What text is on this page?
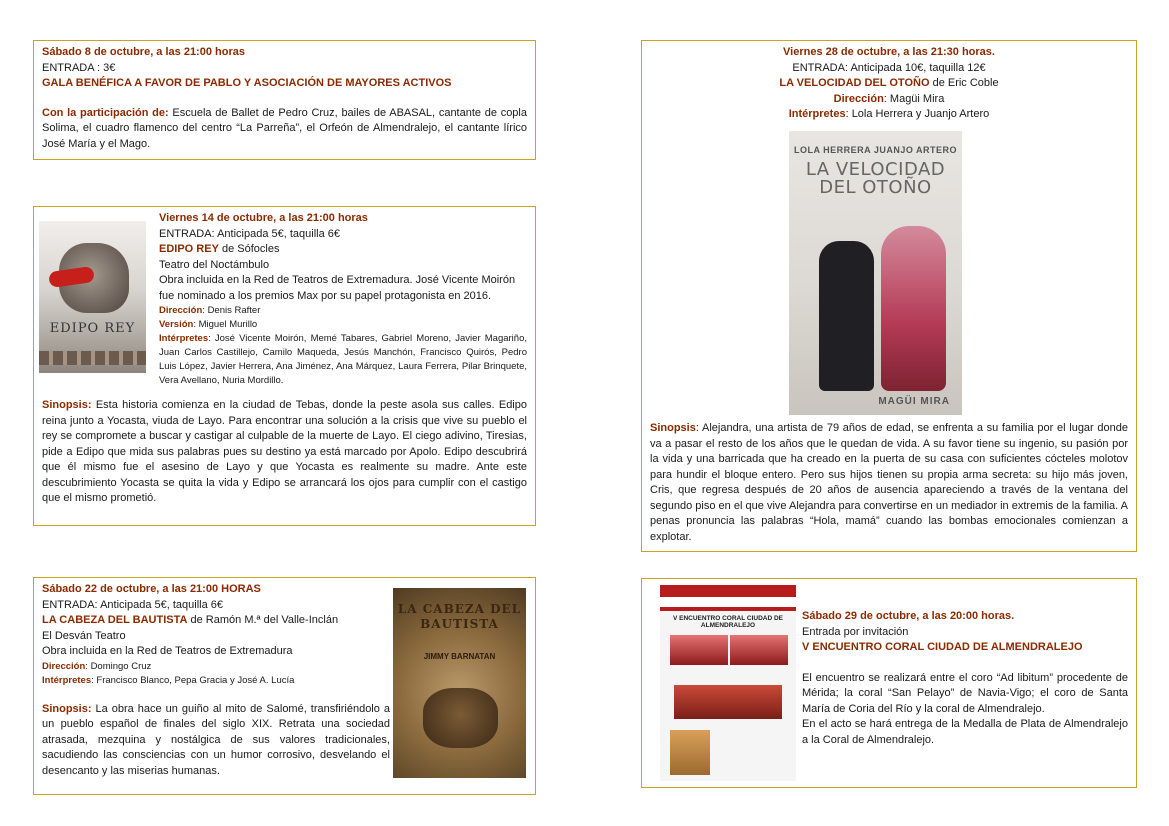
Sábado 8 de octubre, a las 21:00 horas
ENTRADA : 3€
GALA BENÉFICA A FAVOR DE PABLO Y ASOCIACIÓN DE MAYORES ACTIVOS
Con la participación de: Escuela de Ballet de Pedro Cruz, bailes de ABASAL, cantante de copla Solima, el cuadro flamenco del centro “La Parreña”, el Orfeón de Almendralejo, el cantante lírico José María y el Mago.
EDIPO REY
Viernes 14 de octubre, a las 21:00 horas
ENTRADA: Anticipada 5€, taquilla 6€
EDIPO REY de Sófocles
Teatro del Noctámbulo
Obra incluida en la Red de Teatros de Extremadura. José Vicente Moirón fue nominado a los premios Max por su papel protagonista en 2016.
Dirección: Denis Rafter
Versión: Miguel Murillo
Intérpretes: José Vicente Moirón, Memé Tabares, Gabriel Moreno, Javier Magariño, Juan Carlos Castillejo, Camilo Maqueda, Jesús Manchón, Francisco Quirós, Pedro Luis López, Javier Herrera, Ana Jiménez, Ana Márquez, Laura Ferrera, Pilar Brinquete, Vera Avellano, Nuria Mordillo.
Sinopsis: Esta historia comienza en la ciudad de Tebas, donde la peste asola sus calles. Edipo reina junto a Yocasta, viuda de Layo. Para encontrar una solución a la crisis que vive su pueblo el rey se compromete a buscar y castigar al culpable de la muerte de Layo. El ciego adivino, Tiresias, pide a Edipo que mida sus palabras pues su destino ya está marcado por Apolo. Edipo descubrirá que él mismo fue el asesino de Layo y que Yocasta es realmente su madre. Ante este descubrimiento Yocasta se quita la vida y Edipo se arrancará los ojos para cumplir con el castigo que el mismo prometió.
LA CABEZA DEL BAUTISTA
JIMMY BARNATAN
Sábado 22 de octubre, a las 21:00 HORAS
ENTRADA: Anticipada 5€, taquilla 6€
LA CABEZA DEL BAUTISTA de Ramón M.ª del Valle-Inclán
El Desván Teatro
Obra incluida en la Red de Teatros de Extremadura
Dirección: Domingo Cruz
Intérpretes: Francisco Blanco, Pepa Gracia y José A. Lucía
Sinopsis: La obra hace un guiño al mito de Salomé, transfiriéndolo a un pueblo español de finales del siglo XIX. Retrata una sociedad atrasada, mezquina y nostálgica de sus valores tradicionales, sacudiendo las consciencias con un humor corrosivo, desvelando el desencanto y las miserias humanas.
Viernes 28 de octubre, a las 21:30 horas.
ENTRADA: Anticipada 10€, taquilla 12€
LA VELOCIDAD DEL OTOÑO de Eric Coble
Dirección: Magüi Mira
Intérpretes: Lola Herrera y Juanjo Artero
LOLA HERRERA JUANJO ARTERO
LA VELOCIDAD DEL OTOÑO
MAGÜI MIRA
Sinopsis: Alejandra, una artista de 79 años de edad, se enfrenta a su familia por el lugar donde va a pasar el resto de los años que le quedan de vida. A su favor tiene su ingenio, su pasión por la vida y una barricada que ha creado en la puerta de su casa con suficientes cócteles molotov para hundir el bloque entero. Pero sus hijos tienen su propia arma secreta: su hijo más joven, Cris, que regresa después de 20 años de ausencia apareciendo a través de la ventana del segundo piso en el que vive Alejandra para convertirse en un mediador in extremis de la familia. A penas pronuncia las palabras “Hola, mamá” cuando las bombas emocionales comienzan a explotar.
V ENCUENTRO CORAL CIUDAD DE ALMENDRALEJO
Sábado 29 de octubre, a las 20:00 horas.
Entrada por invitación
V ENCUENTRO CORAL CIUDAD DE ALMENDRALEJO
El encuentro se realizará entre el coro “Ad libitum” procedente de Mérida; la coral “San Pelayo” de Navia-Vigo; el coro de Santa María de Coria del Río y la coral de Almendralejo.
En el acto se hará entrega de la Medalla de Plata de Almendralejo a la Coral de Almendralejo.
